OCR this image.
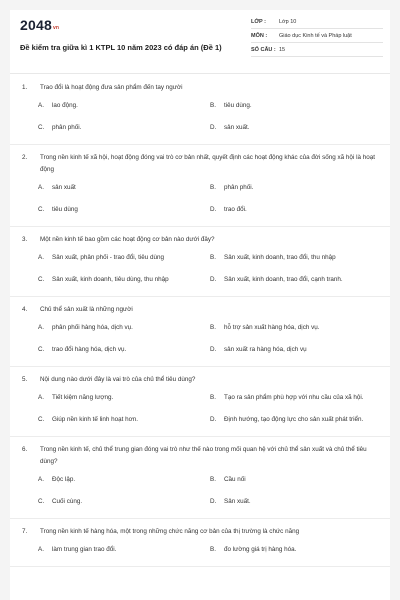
$2048^{vn}$
Đề kiểm tra giữa kì 1 KTPL 10 năm 2023 có đáp án (Đề 1)
LỚP :	Lớp 10
MÔN :	Giáo dục Kinh tế và Pháp luật
SỐ CÂU : 15
1. Trao đổi là hoạt động đưa sản phẩm đến tay người
A.	lao động.	B.	tiêu dùng.
C.	phân phối.	D.	sản xuất.
2. Trong nền kinh tế xã hội, hoạt động đóng vai trò cơ bản nhất, quyết định các hoạt động khác của đời sống xã hội là hoạt động
A.	sản xuất	B.	phân phối.
C.	tiêu dùng	D.	trao đổi.
3. Một nền kinh tế bao gồm các hoạt động cơ bản nào dưới đây?
A.	Sản xuất, phân phối - trao đổi, tiêu dùng	B.	Sản xuất, kinh doanh, trao đổi, thu nhập
C.	Sản xuất, kinh doanh, tiêu dùng, thu nhập	D.	Sản xuất, kinh doanh, trao đổi, cạnh tranh.
4. Chủ thể sản xuất là những người
A.	phân phối hàng hóa, dịch vụ.	B.	hỗ trợ sản xuất hàng hóa, dịch vụ.
C.	trao đổi hàng hóa, dịch vụ.	D.	sản xuất ra hàng hóa, dịch vụ
5. Nội dung nào dưới đây là vai trò của chủ thể tiêu dùng?
A.	Tiết kiệm năng lượng.	B.	Tạo ra sản phẩm phù hợp với nhu cầu của xã hội.
C.	Giúp nền kinh tế linh hoạt hơn.	D.	Định hướng, tạo động lực cho sản xuất phát triển.
6. Trong nền kinh tế, chủ thể trung gian đóng vai trò như thế nào trong mối quan hệ với chủ thể sản xuất và chủ thể tiêu dùng?
A.	Độc lập.	B.	Cầu nối
C.	Cuối cùng.	D.	Sản xuất.
7. Trong nền kinh tế hàng hóa, một trong những chức năng cơ bản của thị trường là chức năng
A.	làm trung gian trao đổi.	B.	đo lường giá trị hàng hóa.
